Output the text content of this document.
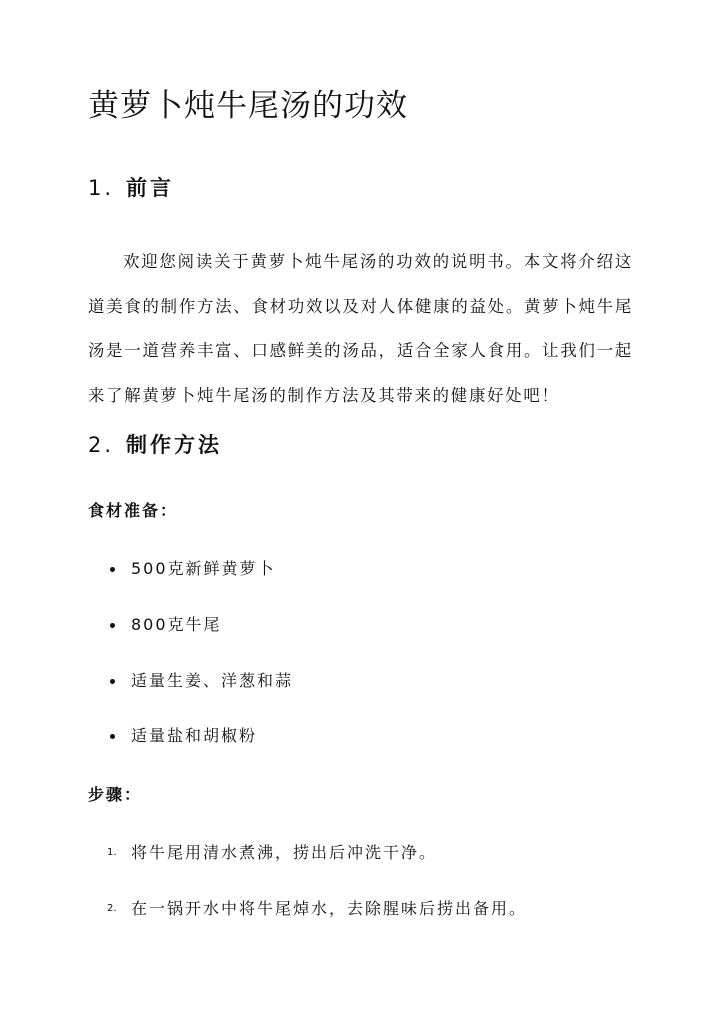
黄萝卜炖牛尾汤的功效
1. 前言

欢迎您阅读关于黄萝卜炖牛尾汤的功效的说明书。本文将介绍这道美食的制作方法、食材功效以及对人体健康的益处。黄萝卜炖牛尾汤是一道营养丰富、口感鲜美的汤品，适合全家人食用。让我们一起来了解黄萝卜炖牛尾汤的制作方法及其带来的健康好处吧！

2. 制作方法
食材准备：
500克新鲜黄萝卜
800克牛尾
适量生姜、洋葱和蒜
适量盐和胡椒粉
步骤：
1. 将牛尾用清水煮沸，捞出后冲洗干净。
2. 在一锅开水中将牛尾焯水，去除腥味后捞出备用。
